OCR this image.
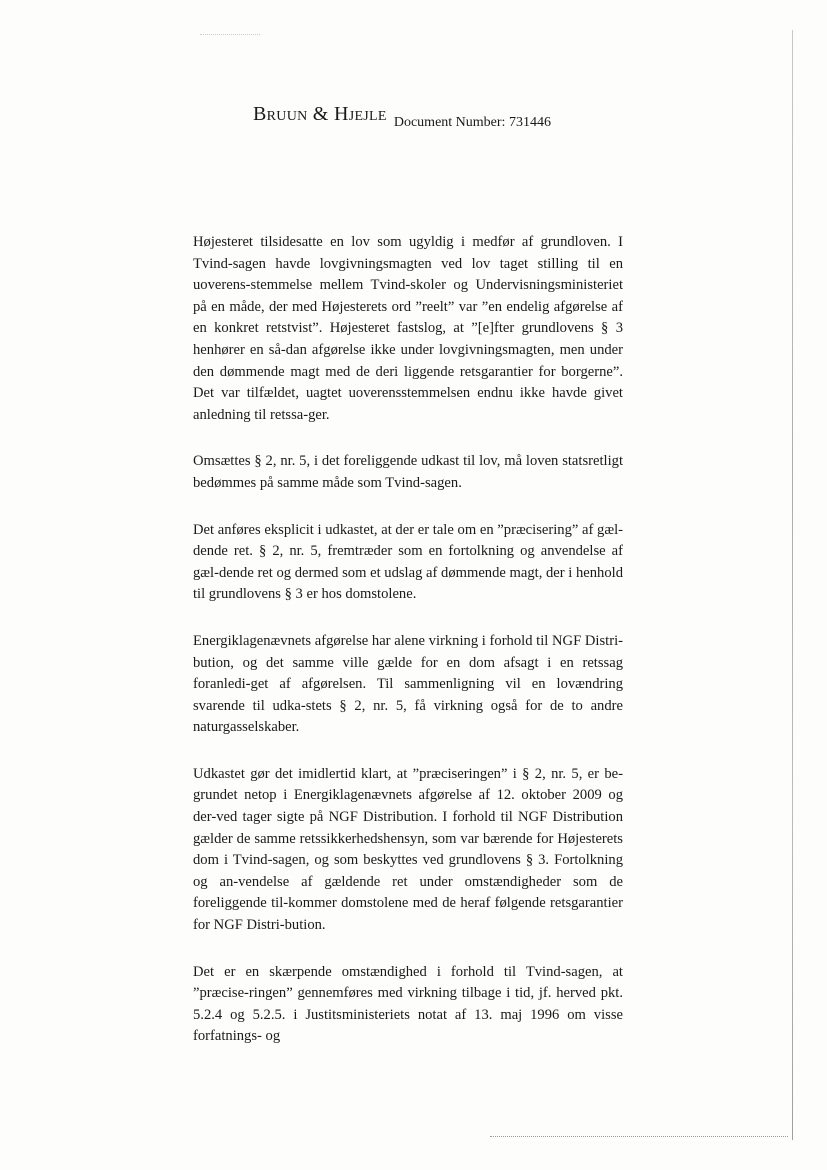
Bruun & Hjejle Document Number: 731446

Højesteret tilsidesatte en lov som ugyldig i medfør af grundloven. I Tvind-sagen havde lovgivningsmagten ved lov taget stilling til en uoverens-stemmelse mellem Tvind-skoler og Undervisningsministeriet på en måde, der med Højesterets ord ”reelt” var ”en endelig afgørelse af en konkret retstvist”. Højesteret fastslog, at ”[e]fter grundlovens § 3 henhører en så-dan afgørelse ikke under lovgivningsmagten, men under den dømmende magt med de deri liggende retsgarantier for borgerne”. Det var tilfældet, uagtet uoverensstemmelsen endnu ikke havde givet anledning til retssa-ger.

Omsættes § 2, nr. 5, i det foreliggende udkast til lov, må loven statsretligt bedømmes på samme måde som Tvind-sagen.

Det anføres eksplicit i udkastet, at der er tale om en ”præcisering” af gæl-dende ret. § 2, nr. 5, fremtræder som en fortolkning og anvendelse af gæl-dende ret og dermed som et udslag af dømmende magt, der i henhold til grundlovens § 3 er hos domstolene.

Energiklagenævnets afgørelse har alene virkning i forhold til NGF Distri-bution, og det samme ville gælde for en dom afsagt i en retssag foranledi-get af afgørelsen. Til sammenligning vil en lovændring svarende til udka-stets § 2, nr. 5, få virkning også for de to andre naturgasselskaber.

Udkastet gør det imidlertid klart, at ”præciseringen” i § 2, nr. 5, er be-grundet netop i Energiklagenævnets afgørelse af 12. oktober 2009 og der-ved tager sigte på NGF Distribution. I forhold til NGF Distribution gælder de samme retssikkerhedshensyn, som var bærende for Højesterets dom i Tvind-sagen, og som beskyttes ved grundlovens § 3. Fortolkning og an-vendelse af gældende ret under omstændigheder som de foreliggende til-kommer domstolene med de heraf følgende retsgarantier for NGF Distri-bution.

Det er en skærpende omstændighed i forhold til Tvind-sagen, at ”præcise-ringen” gennemføres med virkning tilbage i tid, jf. herved pkt. 5.2.4 og 5.2.5. i Justitsministeriets notat af 13. maj 1996 om visse forfatnings- og
